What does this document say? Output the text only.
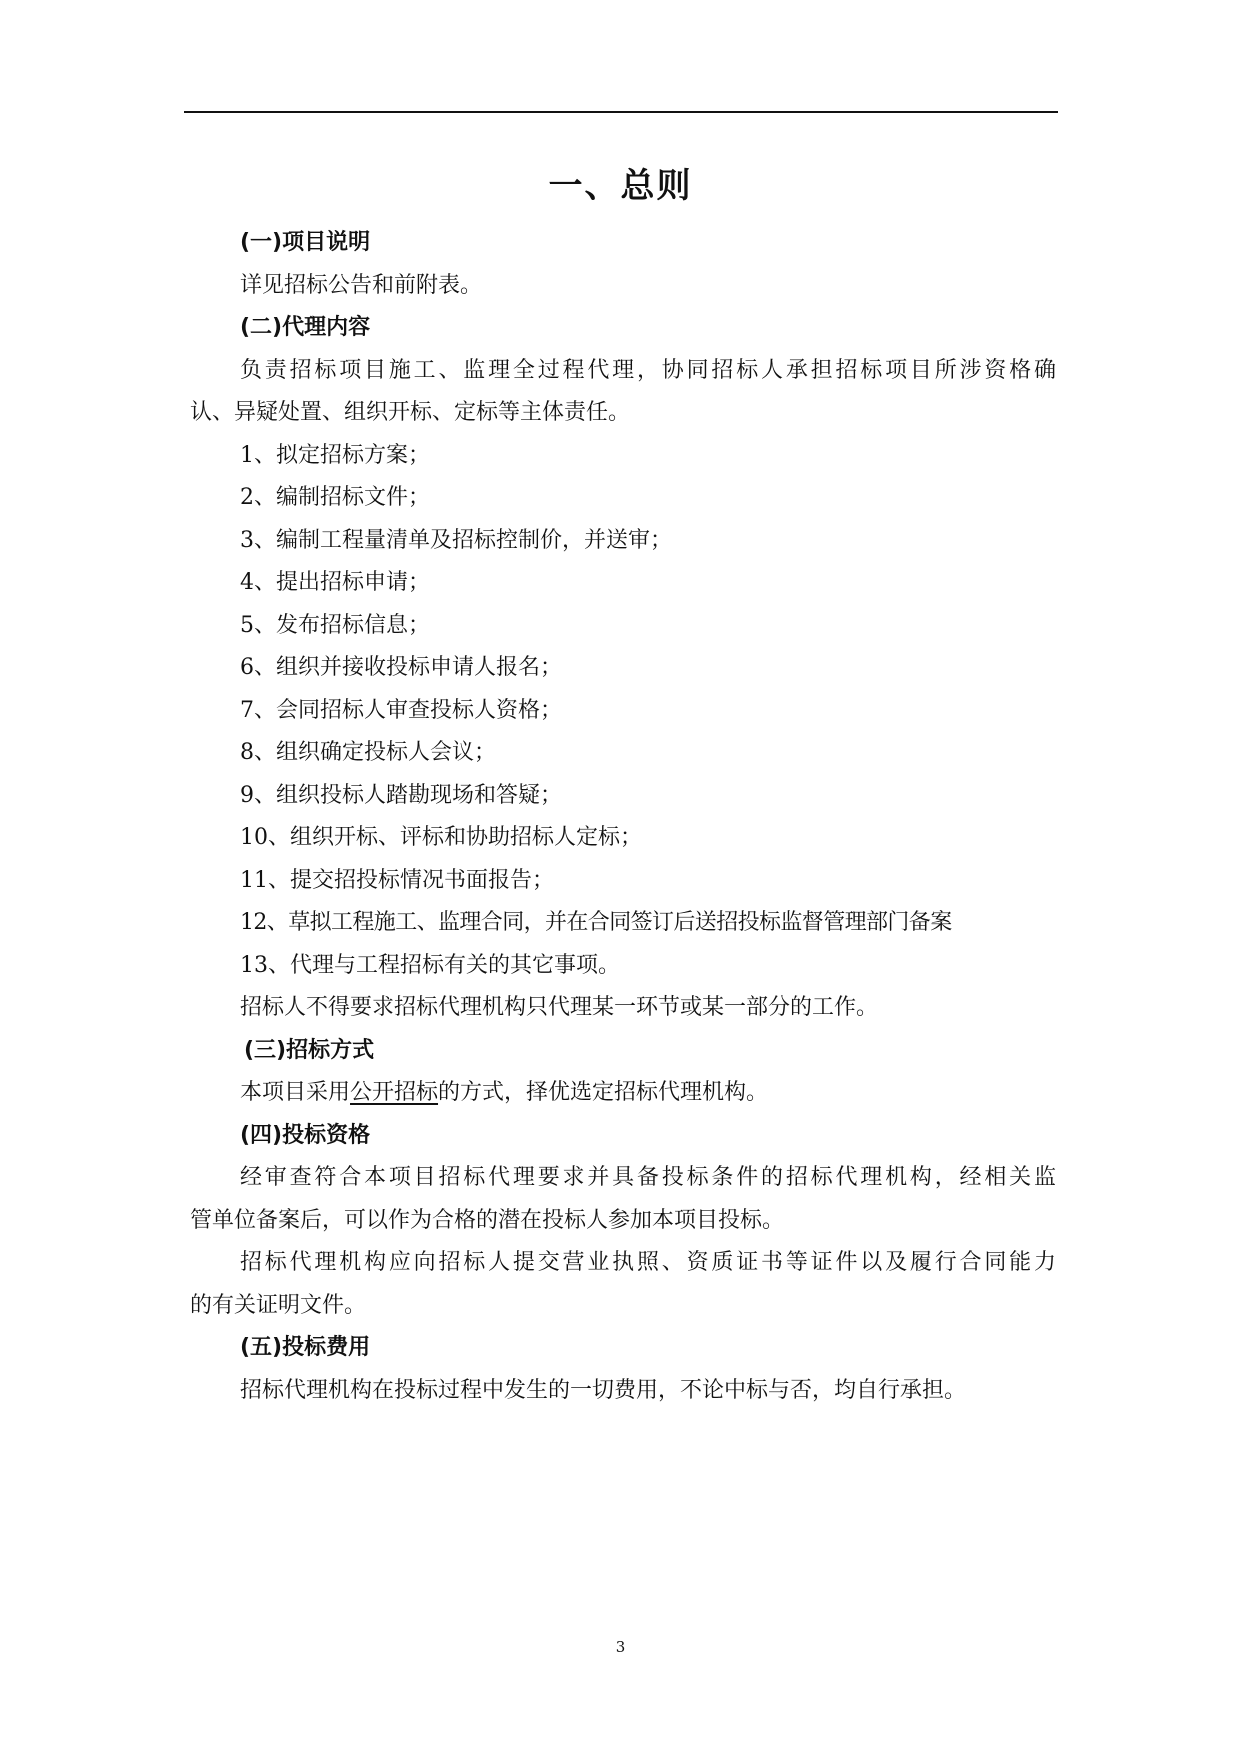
一、总则
(一)项目说明
详见招标公告和前附表。
(二)代理内容
负责招标项目施工、监理全过程代理，协同招标人承担招标项目所涉资格确
认、异疑处置、组织开标、定标等主体责任。
1、拟定招标方案；
2、编制招标文件；
3、编制工程量清单及招标控制价，并送审；
4、提出招标申请；
5、发布招标信息；
6、组织并接收投标申请人报名；
7、会同招标人审查投标人资格；
8、组织确定投标人会议；
9、组织投标人踏勘现场和答疑；
10、组织开标、评标和协助招标人定标；
11、提交招投标情况书面报告；
12、草拟工程施工、监理合同，并在合同签订后送招投标监督管理部门备案
13、代理与工程招标有关的其它事项。
招标人不得要求招标代理机构只代理某一环节或某一部分的工作。
(三)招标方式
本项目采用公开招标的方式，择优选定招标代理机构。
(四)投标资格
经审查符合本项目招标代理要求并具备投标条件的招标代理机构，经相关监
管单位备案后，可以作为合格的潜在投标人参加本项目投标。
招标代理机构应向招标人提交营业执照、资质证书等证件以及履行合同能力
的有关证明文件。
(五)投标费用
招标代理机构在投标过程中发生的一切费用，不论中标与否，均自行承担。
3
